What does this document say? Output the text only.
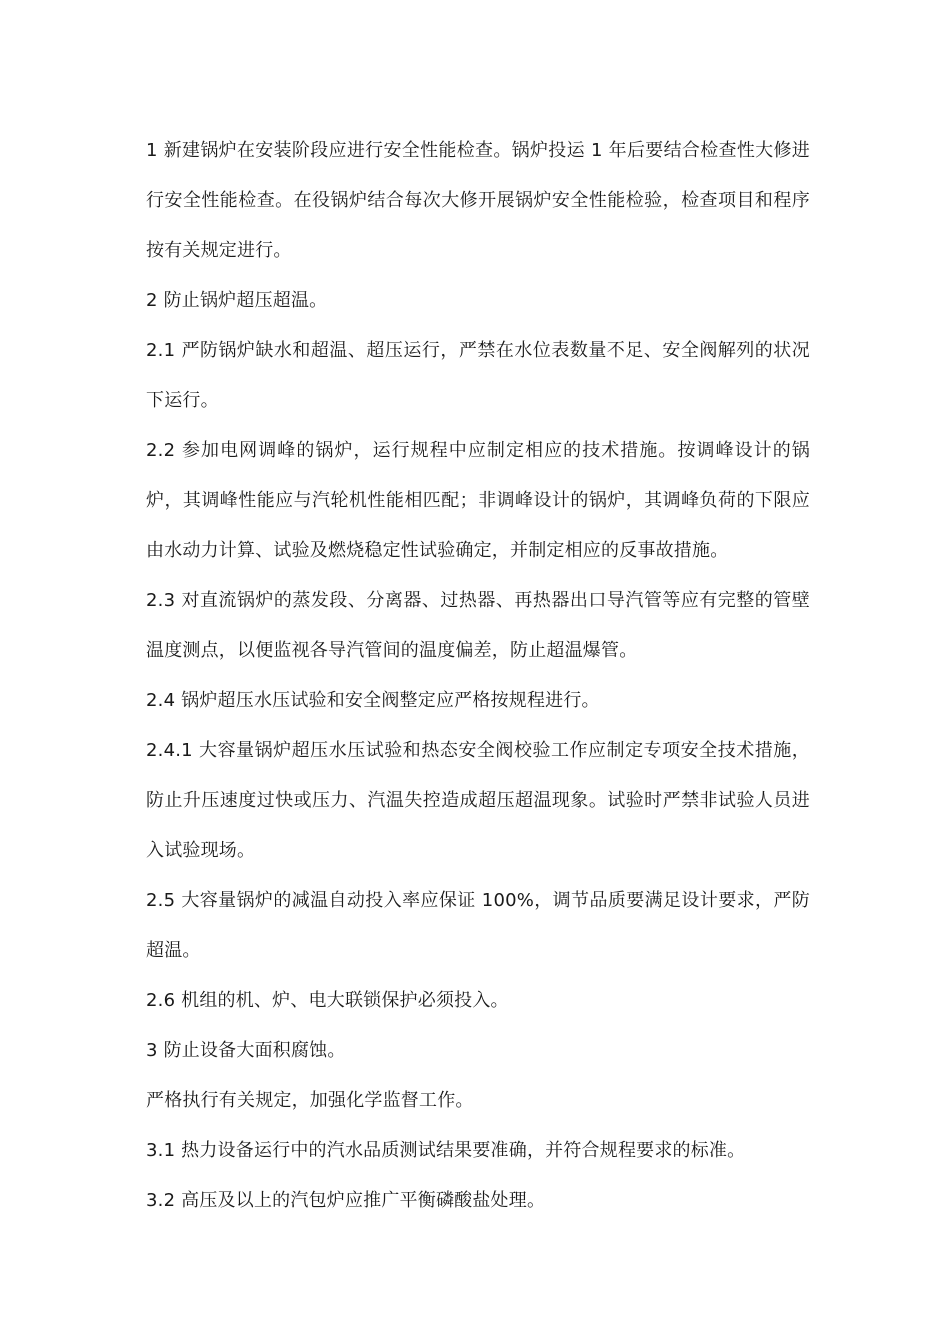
1 新建锅炉在安装阶段应进行安全性能检查。锅炉投运 1 年后要结合检查性大修进行安全性能检查。在役锅炉结合每次大修开展锅炉安全性能检验，检查项目和程序按有关规定进行。

2 防止锅炉超压超温。

2.1 严防锅炉缺水和超温、超压运行，严禁在水位表数量不足、安全阀解列的状况下运行。

2.2 参加电网调峰的锅炉，运行规程中应制定相应的技术措施。按调峰设计的锅炉，其调峰性能应与汽轮机性能相匹配；非调峰设计的锅炉，其调峰负荷的下限应由水动力计算、试验及燃烧稳定性试验确定，并制定相应的反事故措施。

2.3 对直流锅炉的蒸发段、分离器、过热器、再热器出口导汽管等应有完整的管壁温度测点，以便监视各导汽管间的温度偏差，防止超温爆管。

2.4 锅炉超压水压试验和安全阀整定应严格按规程进行。

2.4.1 大容量锅炉超压水压试验和热态安全阀校验工作应制定专项安全技术措施，防止升压速度过快或压力、汽温失控造成超压超温现象。试验时严禁非试验人员进入试验现场。

2.5 大容量锅炉的减温自动投入率应保证 100%，调节品质要满足设计要求，严防超温。

2.6 机组的机、炉、电大联锁保护必须投入。

3 防止设备大面积腐蚀。

严格执行有关规定，加强化学监督工作。

3.1 热力设备运行中的汽水品质测试结果要准确，并符合规程要求的标准。

3.2 高压及以上的汽包炉应推广平衡磷酸盐处理。
